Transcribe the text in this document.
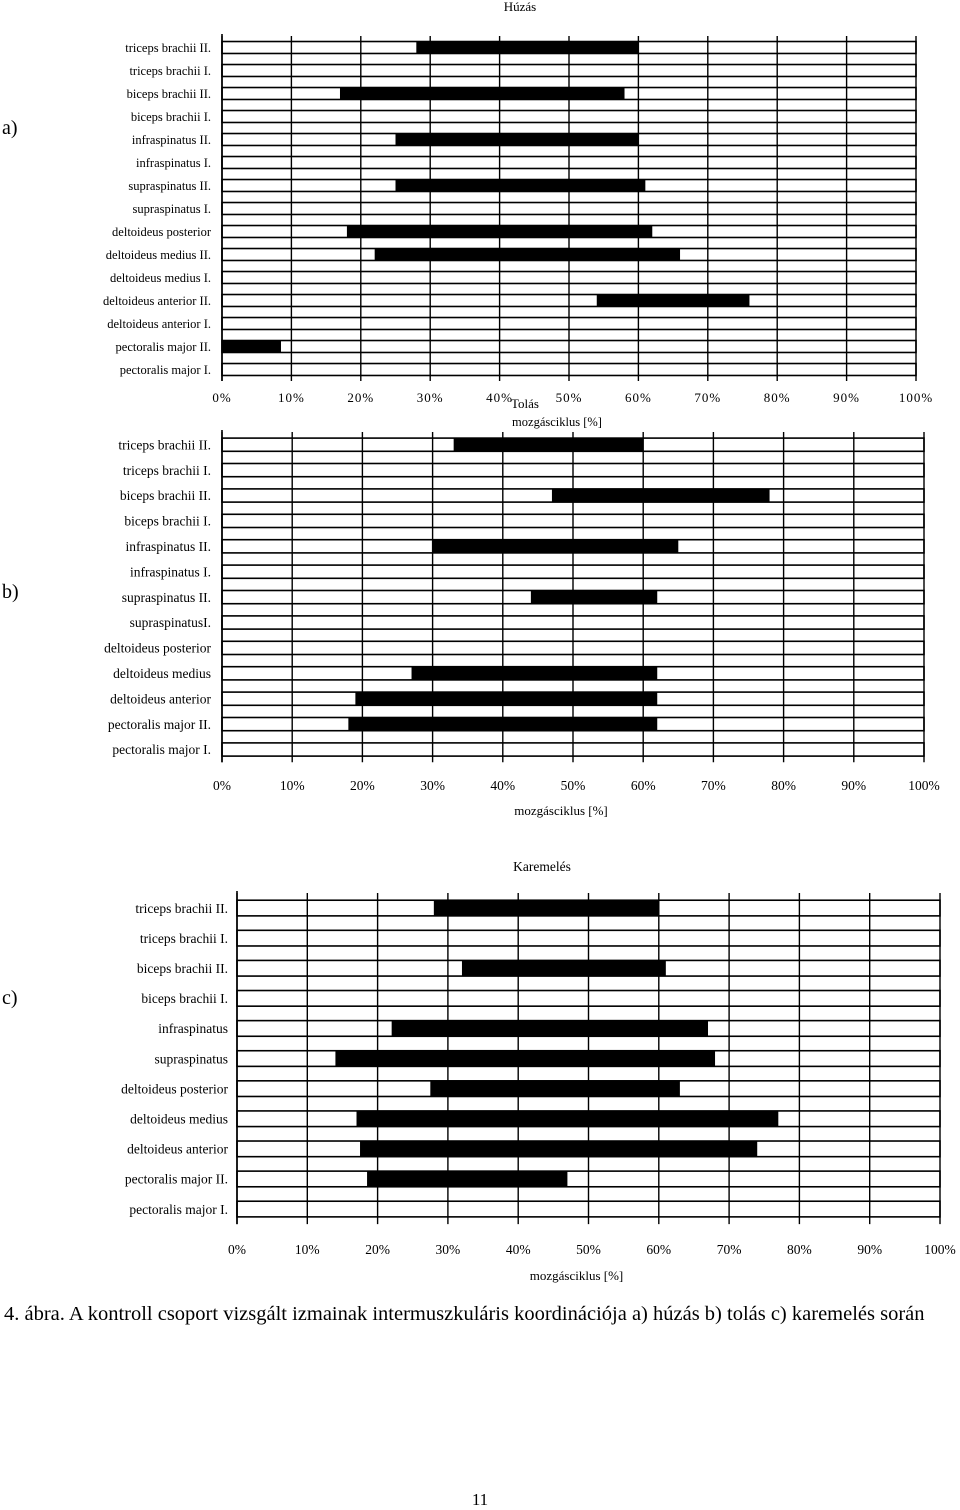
Húzás
a)
triceps brachii II.
triceps brachii I.
biceps brachii II.
biceps brachii I.
infraspinatus II.
infraspinatus I.
supraspinatus II.
supraspinatus I.
deltoideus posterior
deltoideus medius II.
deltoideus medius I.
deltoideus anterior II.
deltoideus anterior I.
pectoralis major II.
pectoralis major I.
0%	10%	20%	30%	40%	50%	60%	70%	80%	90%	100%
mozgásciklus [%]
Tolás
b)
triceps brachii II.
triceps brachii I.
biceps brachii II.
biceps brachii I.
infraspinatus II.
infraspinatus I.
supraspinatus II.
supraspinatusI.
deltoideus posterior
deltoideus medius
deltoideus anterior
pectoralis major II.
pectoralis major I.
0%	10%	20%	30%	40%	50%	60%	70%	80%	90%	100%
mozgásciklus [%]
Karemelés
c)
triceps brachii II.
triceps brachii I.
biceps brachii II.
biceps brachii I.
infraspinatus
supraspinatus
deltoideus posterior
deltoideus medius
deltoideus anterior
pectoralis major II.
pectoralis major I.
0%	10%	20%	30%	40%	50%	60%	70%	80%	90%	100%
mozgásciklus [%]
4. ábra. A kontroll csoport vizsgált izmainak intermuszkuláris koordinációja a) húzás b) tolás c) karemelés során
11
